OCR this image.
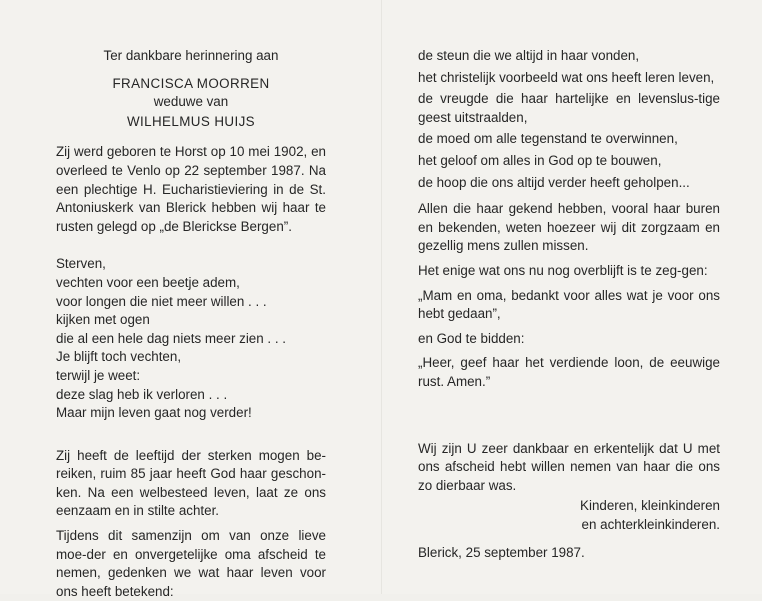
Ter dankbare herinnering aan

FRANCISCA MOORREN

weduwe van

WILHELMUS HUIJS

Zij werd geboren te Horst op 10 mei 1902, en overleed te Venlo op 22 september 1987. Na een plechtige H. Eucharistieviering in de St. Antoniuskerk van Blerick hebben wij haar te rusten gelegd op „de Blerickse Bergen”.

Sterven,
vechten voor een beetje adem,
voor longen die niet meer willen . . .
kijken met ogen
die al een hele dag niets meer zien . . .
Je blijft toch vechten,
terwijl je weet:
deze slag heb ik verloren . . .
Maar mijn leven gaat nog verder!

Zij heeft de leeftijd der sterken mogen be-reiken, ruim 85 jaar heeft God haar geschon-ken. Na een welbesteed leven, laat ze ons eenzaam en in stilte achter.

Tijdens dit samenzijn om van onze lieve moe-der en onvergetelijke oma afscheid te nemen, gedenken we wat haar leven voor ons heeft betekend:

de steun die we altijd in haar vonden,

het christelijk voorbeeld wat ons heeft leren leven,

de vreugde die haar hartelijke en levenslus-tige geest uitstraalden,

de moed om alle tegenstand te overwinnen,

het geloof om alles in God op te bouwen,

de hoop die ons altijd verder heeft geholpen...

Allen die haar gekend hebben, vooral haar buren en bekenden, weten hoezeer wij dit zorgzaam en gezellig mens zullen missen.

Het enige wat ons nu nog overblijft is te zeg-gen:

„Mam en oma, bedankt voor alles wat je voor ons hebt gedaan”,

en God te bidden:

„Heer, geef haar het verdiende loon, de eeuwige rust. Amen.”

Wij zijn U zeer dankbaar en erkentelijk dat U met ons afscheid hebt willen nemen van haar die ons zo dierbaar was.

Kinderen, kleinkinderen
en achterkleinkinderen.

Blerick, 25 september 1987.
